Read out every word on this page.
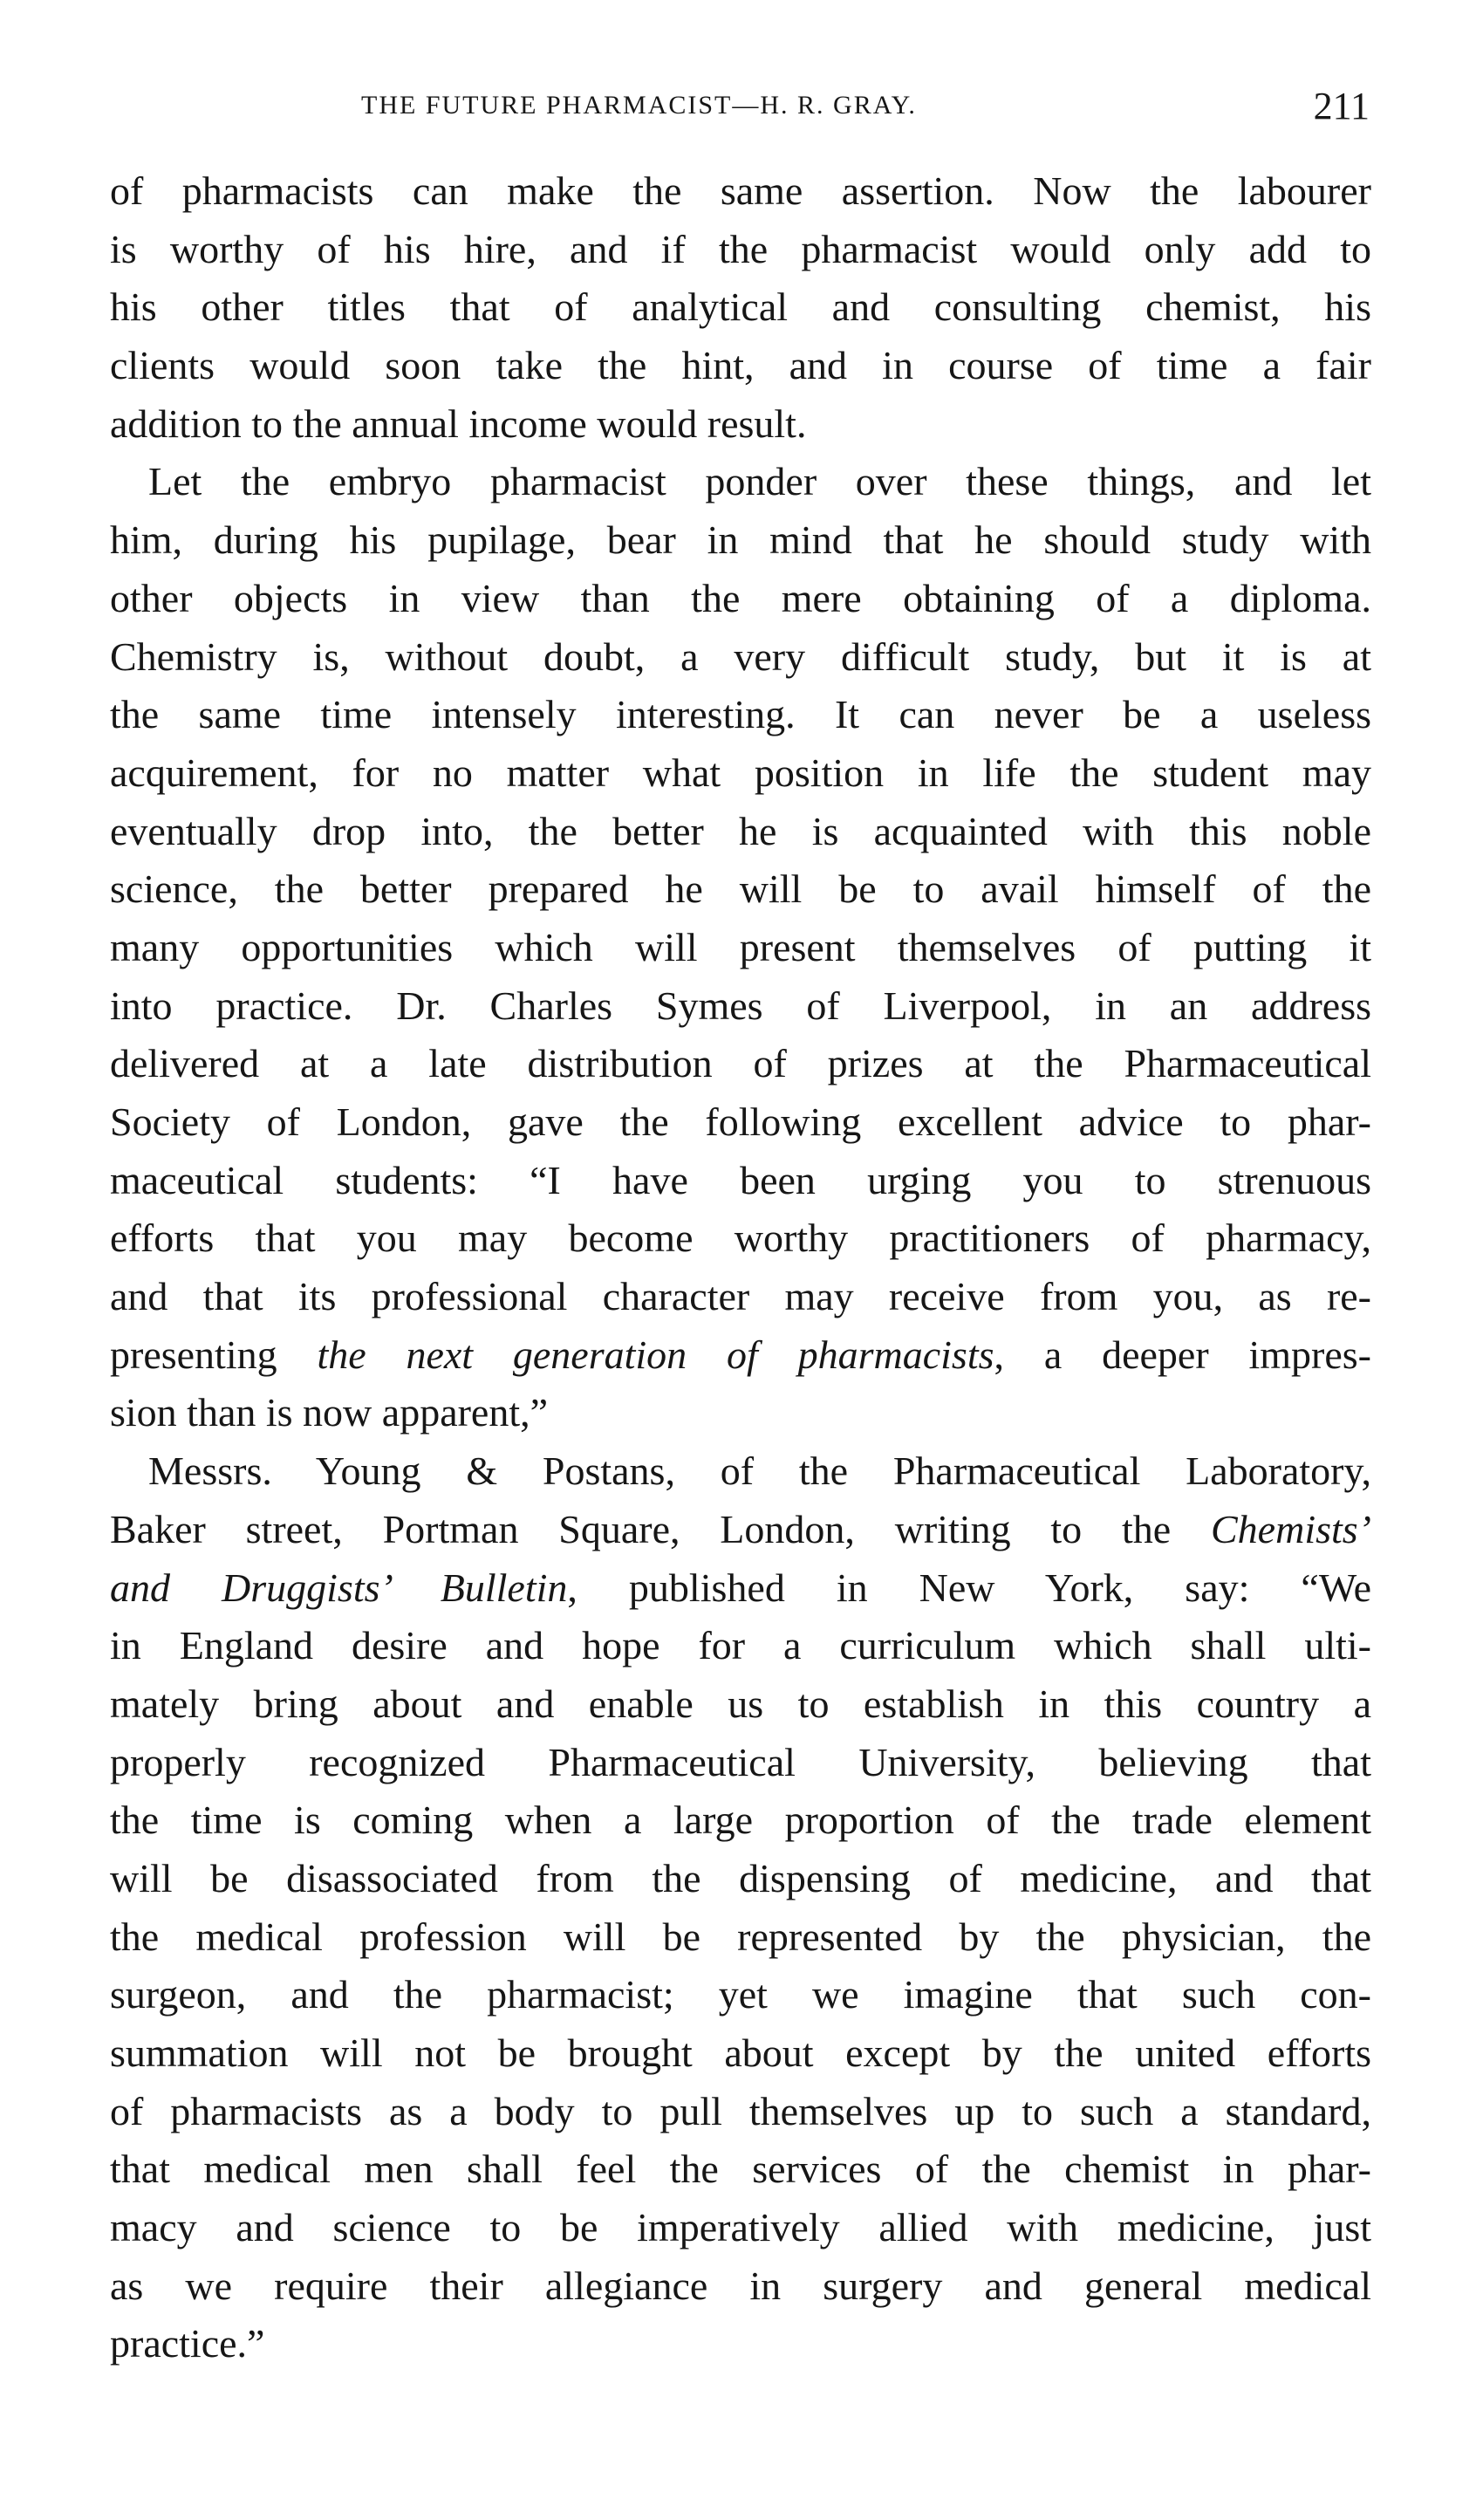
THE FUTURE PHARMACIST—H. R. GRAY.	211
of pharmacists can make the same assertion. Now the labourer
is worthy of his hire, and if the pharmacist would only add to
his other titles that of analytical and consulting chemist, his
clients would soon take the hint, and in course of time a fair
addition to the annual income would result.
Let the embryo pharmacist ponder over these things, and let
him, during his pupilage, bear in mind that he should study with
other objects in view than the mere obtaining of a diploma.
Chemistry is, without doubt, a very difficult study, but it is at
the same time intensely interesting. It can never be a useless
acquirement, for no matter what position in life the student may
eventually drop into, the better he is acquainted with this noble
science, the better prepared he will be to avail himself of the
many opportunities which will present themselves of putting it
into practice. Dr. Charles Symes of Liverpool, in an address
delivered at a late distribution of prizes at the Pharmaceutical
Society of London, gave the following excellent advice to phar-
maceutical students: “I have been urging you to strenuous
efforts that you may become worthy practitioners of pharmacy,
and that its professional character may receive from you, as re-
presenting the next generation of pharmacists, a deeper impres-
sion than is now apparent,”
Messrs. Young & Postans, of the Pharmaceutical Laboratory,
Baker street, Portman Square, London, writing to the Chemists’
and Druggists’ Bulletin, published in New York, say: “We
in England desire and hope for a curriculum which shall ulti-
mately bring about and enable us to establish in this country a
properly recognized Pharmaceutical University, believing that
the time is coming when a large proportion of the trade element
will be disassociated from the dispensing of medicine, and that
the medical profession will be represented by the physician, the
surgeon, and the pharmacist; yet we imagine that such con-
summation will not be brought about except by the united efforts
of pharmacists as a body to pull themselves up to such a standard,
that medical men shall feel the services of the chemist in phar-
macy and science to be imperatively allied with medicine, just
as we require their allegiance in surgery and general medical
practice.”
